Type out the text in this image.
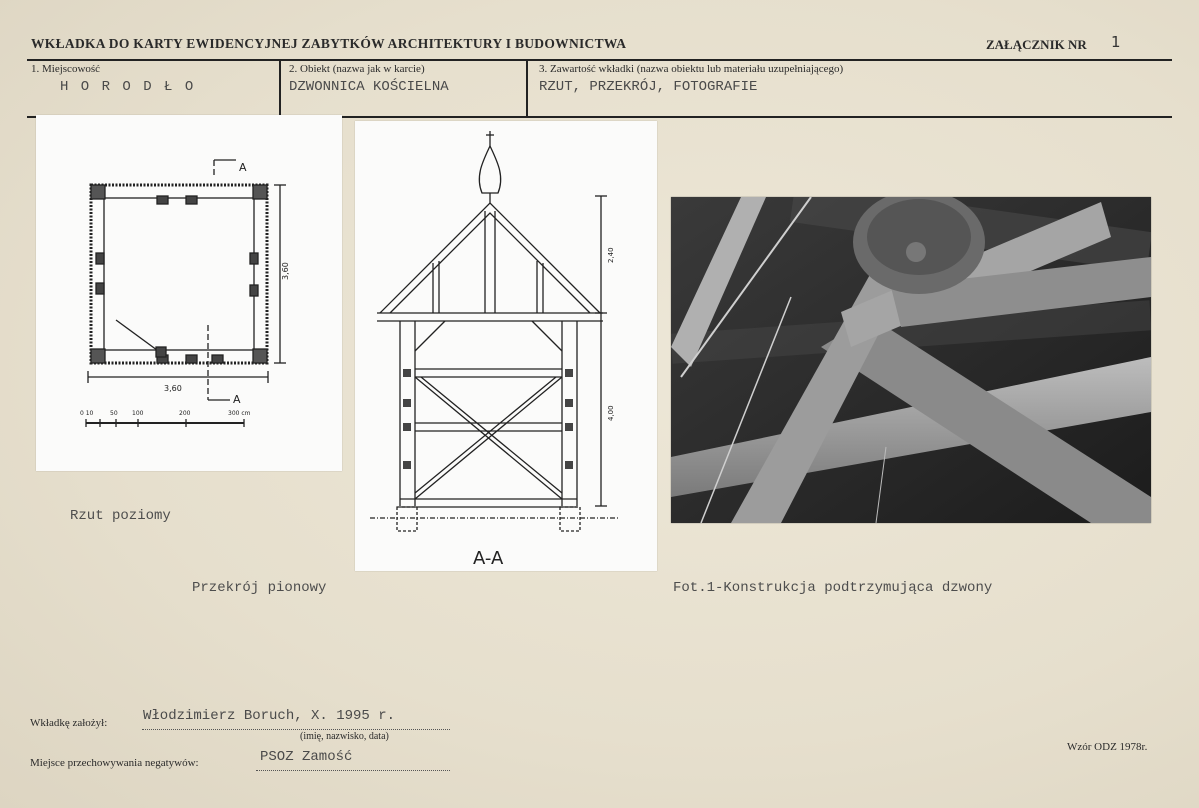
WKŁADKA DO KARTY EWIDENCYJNEJ ZABYTKÓW ARCHITEKTURY I BUDOWNICTWA	ZAŁĄCZNIK NR 1
1. Miejscowość
H O R O D Ł O
2. Obiekt (nazwa jak w karcie)
DZWONNICA KOŚCIELNA
3. Zawartość wkładki (nazwa obiektu lub materiału uzupełniającego)
RZUT, PRZEKRÓJ, FOTOGRAFIE
A
A
3,60
3,60
0 10	50 100	200	300 cm
Rzut poziomy
2,40
4,00
A-A
Przekrój pionowy	Fot.1-Konstrukcja podtrzymująca dzwony
Wkładkę założył:	Włodzimierz Boruch, X. 1995 r.
(imię, nazwisko, data)
Miejsce przechowywania negatywów:	PSOZ Zamość
Wzór ODZ 1978r.
